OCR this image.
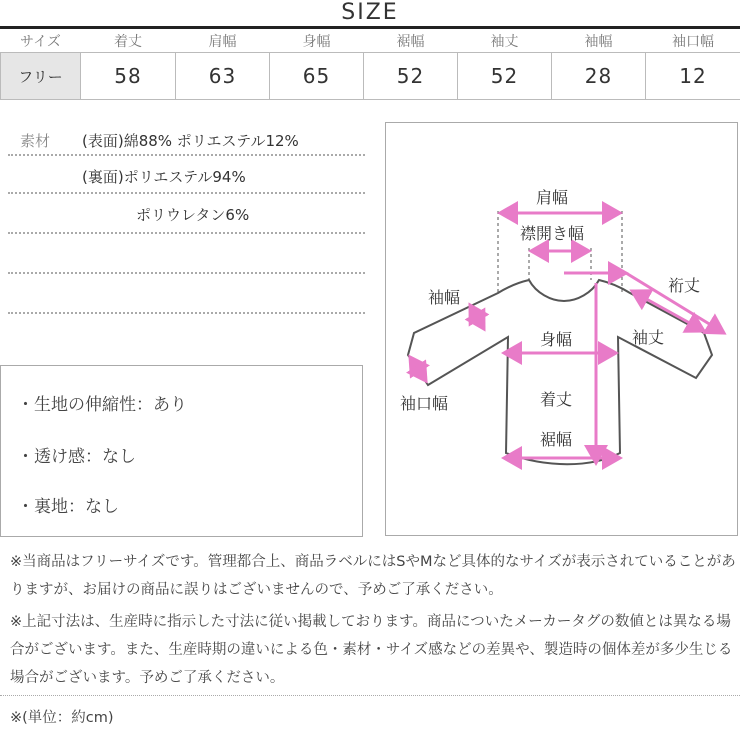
SIZE
サイズ	着丈	肩幅	身幅	裾幅	袖丈	袖幅	袖口幅
フリー	58	63	65	52	52	28	12
素材 (表面)綿88% ポリエステル12%
(裏面)ポリエステル94%
ポリウレタン6%
・生地の伸縮性：あり
・透け感：なし
・裏地：なし
肩幅
襟開き幅
裄丈
袖幅
袖丈
身幅
袖口幅	着丈
裾幅

※当商品はフリーサイズです。管理都合上、商品ラベルにはSやMなど具体的なサイズが表示されていることがありますが、お届けの商品に誤りはございませんので、予めご了承ください。

※上記寸法は、生産時に指示した寸法に従い掲載しております。商品についたメーカータグの数値とは異なる場合がございます。また、生産時期の違いによる色・素材・サイズ感などの差異や、製造時の個体差が多少生じる場合がございます。予めご了承ください。

※(単位：約cm)
